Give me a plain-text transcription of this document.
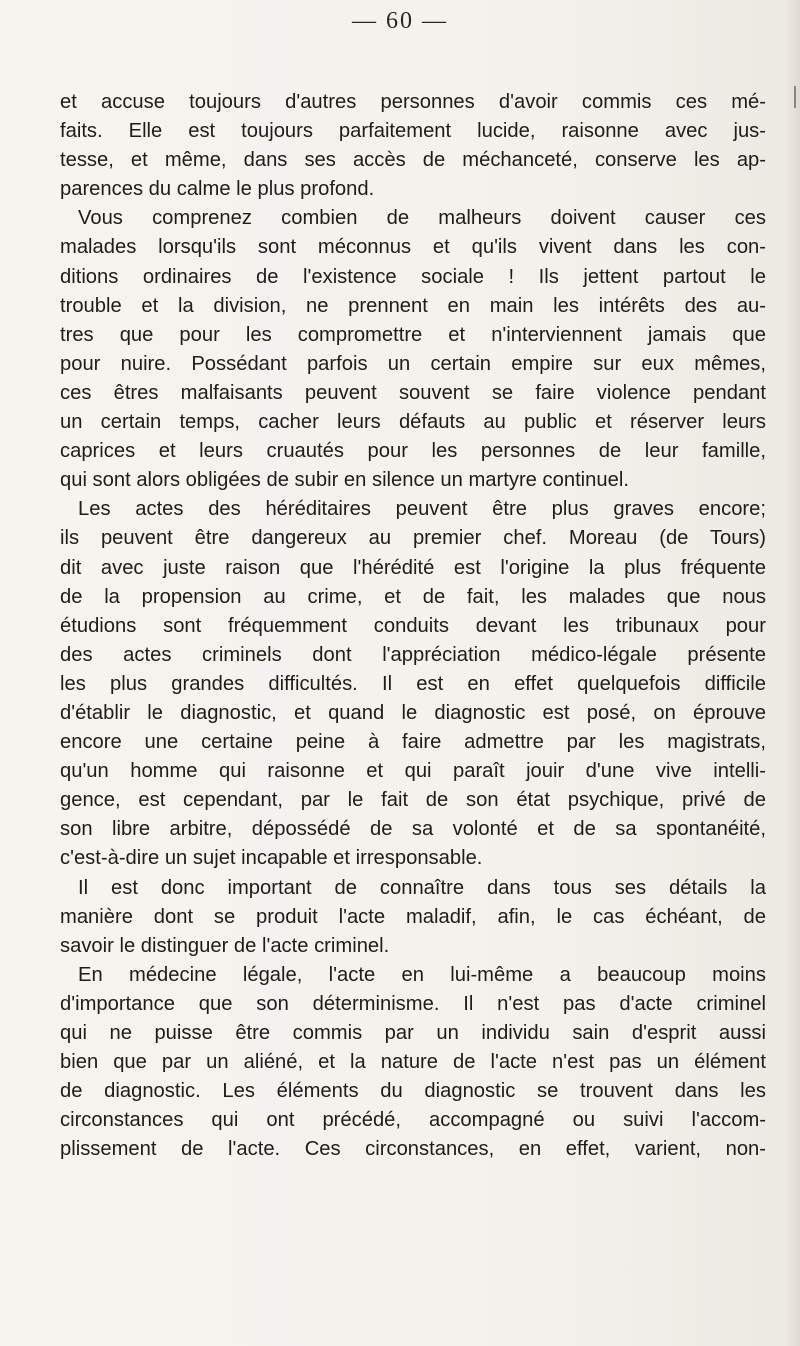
— 60 —
et accuse toujours d'autres personnes d'avoir commis ces mé-
faits. Elle est toujours parfaitement lucide, raisonne avec jus-
tesse, et même, dans ses accès de méchanceté, conserve les ap-
parences du calme le plus profond.
Vous comprenez combien de malheurs doivent causer ces
malades lorsqu'ils sont méconnus et qu'ils vivent dans les con-
ditions ordinaires de l'existence sociale ! Ils jettent partout le
trouble et la division, ne prennent en main les intérêts des au-
tres que pour les compromettre et n'interviennent jamais que
pour nuire. Possédant parfois un certain empire sur eux mêmes,
ces êtres malfaisants peuvent souvent se faire violence pendant
un certain temps, cacher leurs défauts au public et réserver leurs
caprices et leurs cruautés pour les personnes de leur famille,
qui sont alors obligées de subir en silence un martyre continuel.
Les actes des héréditaires peuvent être plus graves encore;
ils peuvent être dangereux au premier chef. Moreau (de Tours)
dit avec juste raison que l'hérédité est l'origine la plus fréquente
de la propension au crime, et de fait, les malades que nous
étudions sont fréquemment conduits devant les tribunaux pour
des actes criminels dont l'appréciation médico-légale présente
les plus grandes difficultés. Il est en effet quelquefois difficile
d'établir le diagnostic, et quand le diagnostic est posé, on éprouve
encore une certaine peine à faire admettre par les magistrats,
qu'un homme qui raisonne et qui paraît jouir d'une vive intelli-
gence, est cependant, par le fait de son état psychique, privé de
son libre arbitre, dépossédé de sa volonté et de sa spontanéité,
c'est-à-dire un sujet incapable et irresponsable.
Il est donc important de connaître dans tous ses détails la
manière dont se produit l'acte maladif, afin, le cas échéant, de
savoir le distinguer de l'acte criminel.
En médecine légale, l'acte en lui-même a beaucoup moins
d'importance que son déterminisme. Il n'est pas d'acte criminel
qui ne puisse être commis par un individu sain d'esprit aussi
bien que par un aliéné, et la nature de l'acte n'est pas un élément
de diagnostic. Les éléments du diagnostic se trouvent dans les
circonstances qui ont précédé, accompagné ou suivi l'accom-
plissement de l'acte. Ces circonstances, en effet, varient, non-
